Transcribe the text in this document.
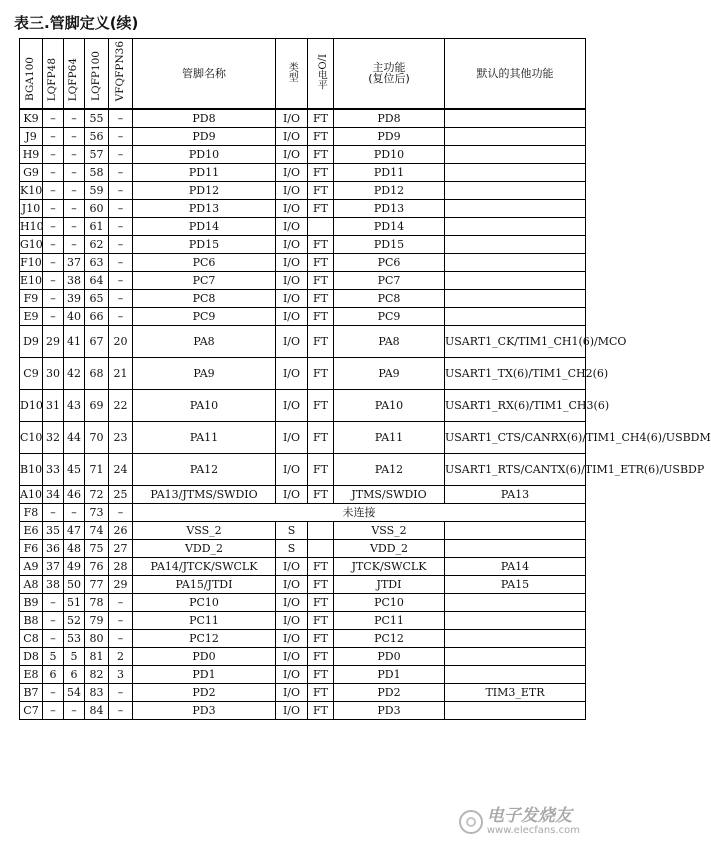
表三.管脚定义(续)
BGA100	LQFP48	LQFP64	LQFP100	VFQFPN36	管脚名称	类型	I/O电平	主功能
(复位后)	默认的其他功能
K9	–	–	55	–	PD8	I/O	FT	PD8	
J9	–	–	56	–	PD9	I/O	FT	PD9	
H9	–	–	57	–	PD10	I/O	FT	PD10	
G9	–	–	58	–	PD11	I/O	FT	PD11	
K10	–	–	59	–	PD12	I/O	FT	PD12	
J10	–	–	60	–	PD13	I/O	FT	PD13	
H10	–	–	61	–	PD14	I/O		PD14	
G10	–	–	62	–	PD15	I/O	FT	PD15	
F10	–	37	63	–	PC6	I/O	FT	PC6	
E10	–	38	64	–	PC7	I/O	FT	PC7	
F9	–	39	65	–	PC8	I/O	FT	PC8	
E9	–	40	66	–	PC9	I/O	FT	PC9	
D9	29	41	67	20	PA8	I/O	FT	PA8	USART1_CK/TIM1_CH1(6)/MCO
C9	30	42	68	21	PA9	I/O	FT	PA9	USART1_TX(6)/TIM1_CH2(6)
D10	31	43	69	22	PA10	I/O	FT	PA10	USART1_RX(6)/TIM1_CH3(6)
C10	32	44	70	23	PA11	I/O	FT	PA11	USART1_CTS/CANRX(6)/TIM1_CH4(6)/USBDM
B10	33	45	71	24	PA12	I/O	FT	PA12	USART1_RTS/CANTX(6)/TIM1_ETR(6)/USBDP
A10	34	46	72	25	PA13/JTMS/SWDIO	I/O	FT	JTMS/SWDIO	PA13
F8	–	–	73	–	未连接				
E6	35	47	74	26	VSS_2	S		VSS_2	
F6	36	48	75	27	VDD_2	S		VDD_2	
A9	37	49	76	28	PA14/JTCK/SWCLK	I/O	FT	JTCK/SWCLK	PA14
A8	38	50	77	29	PA15/JTDI	I/O	FT	JTDI	PA15
B9	–	51	78	–	PC10	I/O	FT	PC10	
B8	–	52	79	–	PC11	I/O	FT	PC11	
C8	–	53	80	–	PC12	I/O	FT	PC12	
D8	5	5	81	2	PD0	I/O	FT	PD0	
E8	6	6	82	3	PD1	I/O	FT	PD1	
B7	–	54	83	–	PD2	I/O	FT	PD2	TIM3_ETR
C7	–	–	84	–	PD3	I/O	FT	PD3	
电子发烧友
www.elecfans.com
